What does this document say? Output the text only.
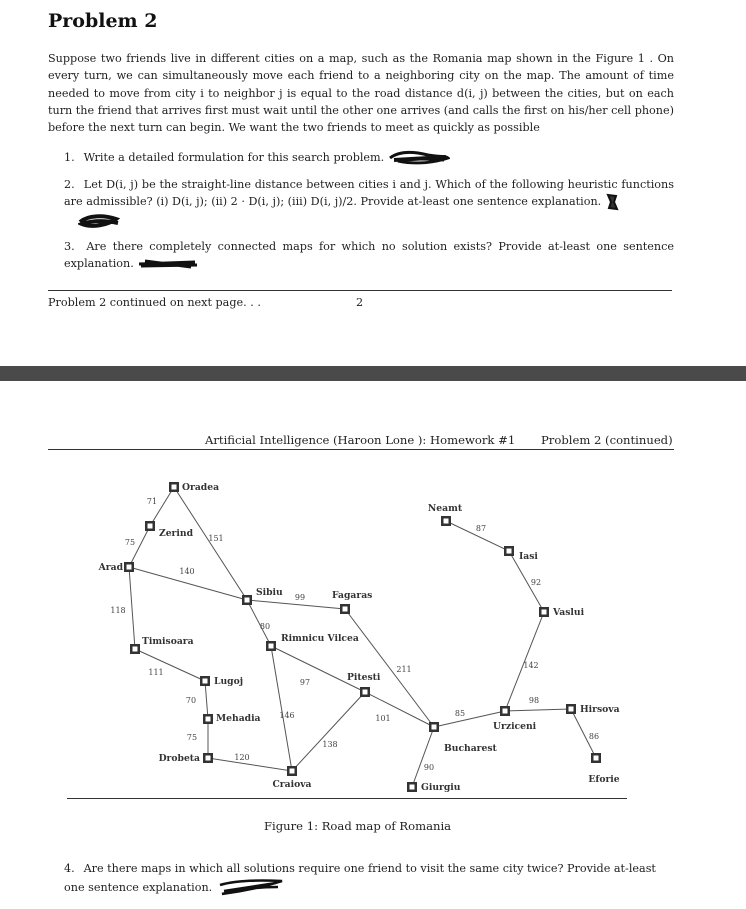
Problem 2
Suppose two friends live in different cities on a map, such as the Romania map shown in the Figure 1 . On every turn, we can simultaneously move each friend to a neighboring city on the map. The amount of time needed to move from city i to neighbor j is equal to the road distance d(i, j) between the cities, but on each turn the friend that arrives first must wait until the other one arrives (and calls the first on his/her cell phone) before the next turn can begin. We want the two friends to meet as quickly as possible
1. Write a detailed formulation for this search problem.
2. Let D(i, j) be the straight-line distance between cities i and j. Which of the following heuristic functions are admissible? (i) D(i, j); (ii) 2 · D(i, j); (iii) D(i, j)/2. Provide at-least one sentence explanation.
3. Are there completely connected maps for which no solution exists? Provide at-least one sentence explanation.
Problem 2 continued on next page. . .	2
Artificial Intelligence (Haroon Lone ): Homework #1 Problem 2 (continued)
71
75	151
140
118
111
70
75
120
99
80
97
146
138
211
101
90
85
98
86
142
92
87
Oradea
Zerind
Arad
Timisoara
Lugoj
Mehadia
Drobeta
Sibiu
Rimnicu Vilcea
Craiova
Fagaras
Pitesti
Bucharest
Giurgiu
Urziceni
Neamt
Iasi
Vaslui
Hirsova
Eforie
Figure 1: Road map of Romania
4. Are there maps in which all solutions require one friend to visit the same city twice? Provide at-least one sentence explanation.
